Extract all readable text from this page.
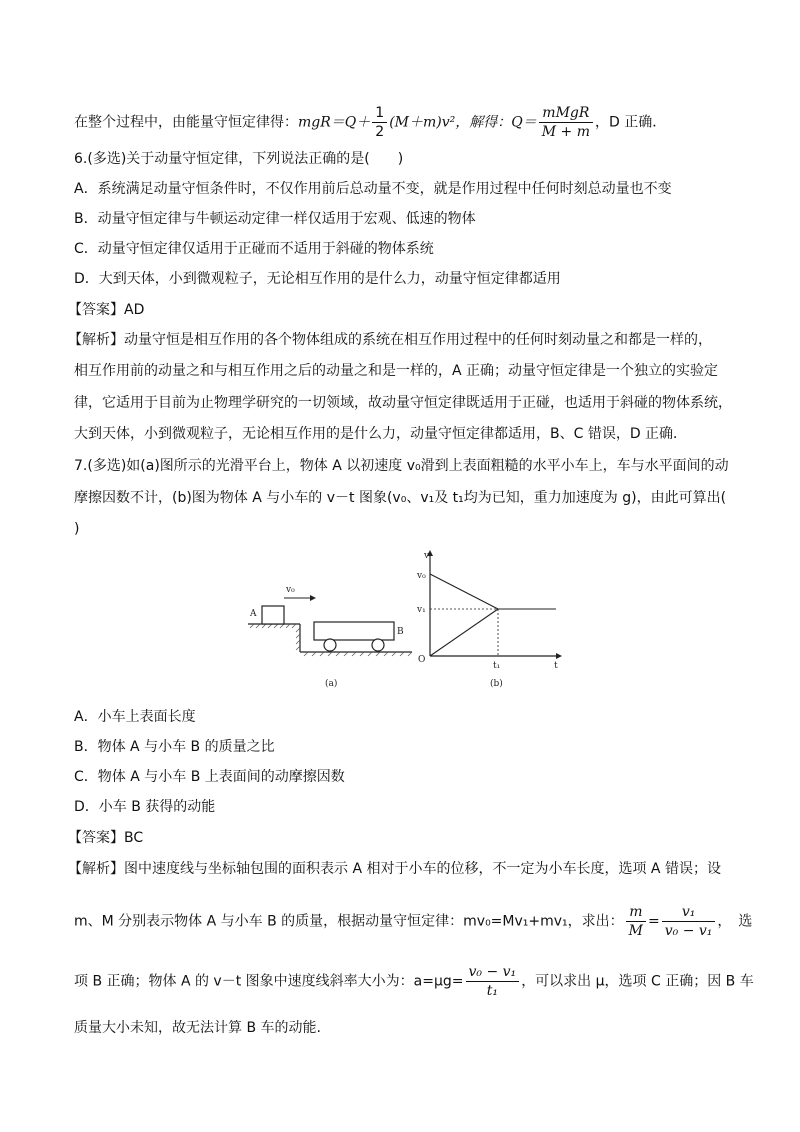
在整个过程中，由能量守恒定律得：$mgR=Q+ \frac{1}{2} (M+m)v^2$，解得：$Q= \frac{\text{mMgR}}{M + m}$ ，D 正确．
6.(多选)关于动量守恒定律，下列说法正确的是(　　)
A．系统满足动量守恒条件时，不仅作用前后总动量不变，就是作用过程中任何时刻总动量也不变
B．动量守恒定律与牛顿运动定律一样仅适用于宏观、低速的物体
C．动量守恒定律仅适用于正碰而不适用于斜碰的物体系统
D．大到天体，小到微观粒子，无论相互作用的是什么力，动量守恒定律都适用
【答案】AD
【解析】动量守恒是相互作用的各个物体组成的系统在相互作用过程中的任何时刻动量之和都是一样的，
相互作用前的动量之和与相互作用之后的动量之和是一样的，A 正确；动量守恒定律是一个独立的实验定
律，它适用于目前为止物理学研究的一切领域，故动量守恒定律既适用于正碰，也适用于斜碰的物体系统，
大到天体，小到微观粒子，无论相互作用的是什么力，动量守恒定律都适用，B、C 错误，D 正确．
7.(多选)如(a)图所示的光滑平台上，物体 A 以初速度 v₀滑到上表面粗糙的水平小车上，车与水平面间的动
摩擦因数不计，(b)图为物体 A 与小车的 v－t 图象(v₀、v₁及 t₁均为已知，重力加速度为 g)，由此可算出(
)
A
v₀
B
(a)
v
t
O
v₀
v₁
t₁
(b)
A．小车上表面长度
B．物体 A 与小车 B 的质量之比
C．物体 A 与小车 B 上表面间的动摩擦因数
D．小车 B 获得的动能
【答案】BC
【解析】图中速度线与坐标轴包围的面积表示 A 相对于小车的位移，不一定为小车长度，选项 A 错误；设
m、M 分别表示物体 A 与小车 B 的质量，根据动量守恒定律：mv₀=Mv₁+mv₁，求出： $\frac{m}{M} = \frac{\text{v₁}}{\text{v₀ − v₁}}$ ，　选
项 B 正确；物体 A 的 v－t 图象中速度线斜率大小为：$a=\mu g= \frac{\text{v₀ − v₁}}{\text{t₁}}$ ，可以求出 μ，选项 C 正确；因 B 车
质量大小未知，故无法计算 B 车的动能.
